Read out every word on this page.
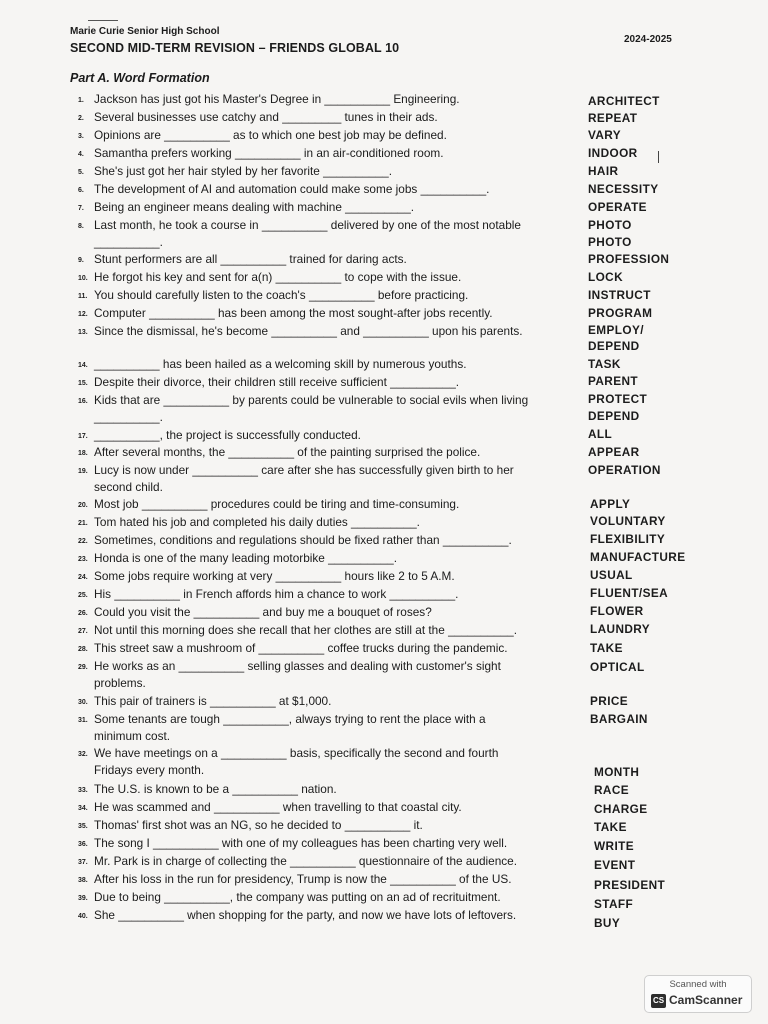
Marie Curie Senior High School
SECOND MID-TERM REVISION – FRIENDS GLOBAL 10
2024-2025
Part A. Word Formation
1. Jackson has just got his Master's Degree in __________ Engineering.
2. Several businesses use catchy and _________ tunes in their ads.
3. Opinions are __________ as to which one best job may be defined.
4. Samantha prefers working __________ in an air-conditioned room.
5. She's just got her hair styled by her favorite __________.
6. The development of AI and automation could make some jobs __________.
7. Being an engineer means dealing with machine __________.
8. Last month, he took a course in __________ delivered by one of the most notable
__________.
9. Stunt performers are all __________ trained for daring acts.
10. He forgot his key and sent for a(n) __________ to cope with the issue.
11. You should carefully listen to the coach's __________ before practicing.
12. Computer __________ has been among the most sought-after jobs recently.
13. Since the dismissal, he's become __________ and __________ upon his parents.
14. __________ has been hailed as a welcoming skill by numerous youths.
15. Despite their divorce, their children still receive sufficient __________.
16. Kids that are __________ by parents could be vulnerable to social evils when living
__________.
17. __________, the project is successfully conducted.
18. After several months, the __________ of the painting surprised the police.
19. Lucy is now under __________ care after she has successfully given birth to her
second child.
20. Most job __________ procedures could be tiring and time-consuming.
21. Tom hated his job and completed his daily duties __________.
22. Sometimes, conditions and regulations should be fixed rather than __________.
23. Honda is one of the many leading motorbike __________.
24. Some jobs require working at very __________ hours like 2 to 5 A.M.
25. His __________ in French affords him a chance to work __________.
26. Could you visit the __________ and buy me a bouquet of roses?
27. Not until this morning does she recall that her clothes are still at the __________.
28. This street saw a mushroom of __________ coffee trucks during the pandemic.
29. He works as an __________ selling glasses and dealing with customer's sight
problems.
30. This pair of trainers is __________ at $1,000.
31. Some tenants are tough __________, always trying to rent the place with a
minimum cost.
32. We have meetings on a __________ basis, specifically the second and fourth
Fridays every month.
33. The U.S. is known to be a __________ nation.
34. He was scammed and __________ when travelling to that coastal city.
35. Thomas' first shot was an NG, so he decided to __________ it.
36. The song I __________ with one of my colleagues has been charting very well.
37. Mr. Park is in charge of collecting the __________ questionnaire of the audience.
38. After his loss in the run for presidency, Trump is now the __________ of the US.
39. Due to being __________, the company was putting on an ad of recrituitment.
40. She __________ when shopping for the party, and now we have lots of leftovers.
ARCHITECT
REPEAT
VARY
INDOOR
HAIR
NECESSITY
OPERATE
PHOTO
PHOTO
PROFESSION
LOCK
INSTRUCT
PROGRAM
EMPLOY/
DEPEND
TASK
PARENT
PROTECT
DEPEND
ALL
APPEAR
OPERATION
APPLY
VOLUNTARY
FLEXIBILITY
MANUFACTURE
USUAL
FLUENT/SEA
FLOWER
LAUNDRY
TAKE
OPTICAL
PRICE
BARGAIN
MONTH
RACE
CHARGE
TAKE
WRITE
EVENT
PRESIDENT
STAFF
BUY
Scanned with
CS CamScanner
